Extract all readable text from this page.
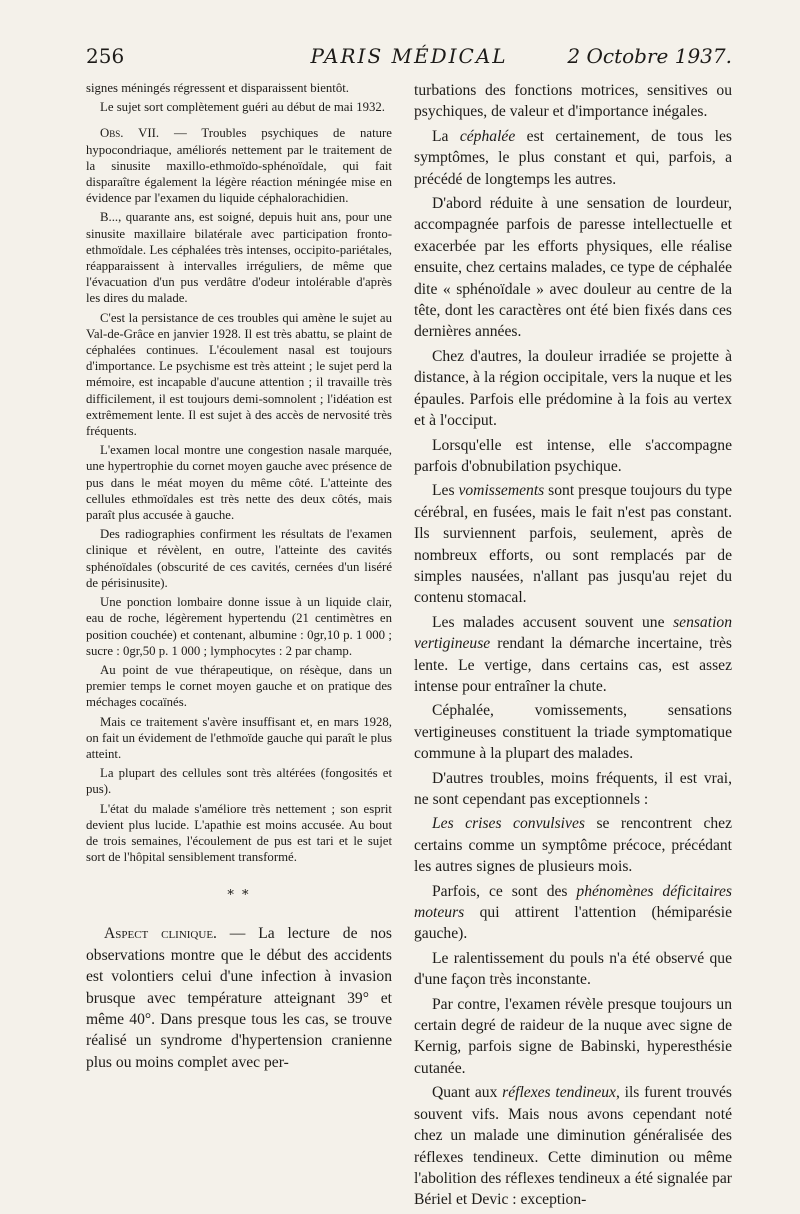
256	PARIS MÉDICAL	2 Octobre 1937.

signes méningés régressent et disparaissent bientôt.

Le sujet sort complètement guéri au début de mai 1932.

Obs. VII. — Troubles psychiques de nature hypocondriaque, améliorés nettement par le traitement de la sinusite maxillo-ethmoïdo-sphénoïdale, qui fait disparaître également la légère réaction méningée mise en évidence par l'examen du liquide céphalorachidien.

B..., quarante ans, est soigné, depuis huit ans, pour une sinusite maxillaire bilatérale avec participation fronto-ethmoïdale. Les céphalées très intenses, occipito-pariétales, réapparaissent à intervalles irréguliers, de même que l'évacuation d'un pus verdâtre d'odeur intolérable d'après les dires du malade.

C'est la persistance de ces troubles qui amène le sujet au Val-de-Grâce en janvier 1928. Il est très abattu, se plaint de céphalées continues. L'écoulement nasal est toujours d'importance. Le psychisme est très atteint ; le sujet perd la mémoire, est incapable d'aucune attention ; il travaille très difficilement, il est toujours demi-somnolent ; l'idéation est extrêmement lente. Il est sujet à des accès de nervosité très fréquents.

L'examen local montre une congestion nasale marquée, une hypertrophie du cornet moyen gauche avec présence de pus dans le méat moyen du même côté. L'atteinte des cellules ethmoïdales est très nette des deux côtés, mais paraît plus accusée à gauche.

Des radiographies confirment les résultats de l'examen clinique et révèlent, en outre, l'atteinte des cavités sphénoïdales (obscurité de ces cavités, cernées d'un liséré de périsinusite).

Une ponction lombaire donne issue à un liquide clair, eau de roche, légèrement hypertendu (21 centimètres en position couchée) et contenant, albumine : 0gr,10 p. 1 000 ; sucre : 0gr,50 p. 1 000 ; lymphocytes : 2 par champ.

Au point de vue thérapeutique, on résèque, dans un premier temps le cornet moyen gauche et on pratique des méchages cocaïnés.

Mais ce traitement s'avère insuffisant et, en mars 1928, on fait un évidement de l'ethmoïde gauche qui paraît le plus atteint.

La plupart des cellules sont très altérées (fongosités et pus).

L'état du malade s'améliore très nettement ; son esprit devient plus lucide. L'apathie est moins accusée. Au bout de trois semaines, l'écoulement de pus est tari et le sujet sort de l'hôpital sensiblement transformé.

* *

Aspect clinique. — La lecture de nos observations montre que le début des accidents est volontiers celui d'une infection à invasion brusque avec température atteignant 39° et même 40°. Dans presque tous les cas, se trouve réalisé un syndrome d'hypertension cranienne plus ou moins complet avec per-

turbations des fonctions motrices, sensitives ou psychiques, de valeur et d'importance inégales.

La céphalée est certainement, de tous les symptômes, le plus constant et qui, parfois, a précédé de longtemps les autres.

D'abord réduite à une sensation de lourdeur, accompagnée parfois de paresse intellectuelle et exacerbée par les efforts physiques, elle réalise ensuite, chez certains malades, ce type de céphalée dite « sphénoïdale » avec douleur au centre de la tête, dont les caractères ont été bien fixés dans ces dernières années.

Chez d'autres, la douleur irradiée se projette à distance, à la région occipitale, vers la nuque et les épaules. Parfois elle prédomine à la fois au vertex et à l'occiput.

Lorsqu'elle est intense, elle s'accompagne parfois d'obnubilation psychique.

Les vomissements sont presque toujours du type cérébral, en fusées, mais le fait n'est pas constant. Ils surviennent parfois, seulement, après de nombreux efforts, ou sont remplacés par de simples nausées, n'allant pas jusqu'au rejet du contenu stomacal.

Les malades accusent souvent une sensation vertigineuse rendant la démarche incertaine, très lente. Le vertige, dans certains cas, est assez intense pour entraîner la chute.

Céphalée, vomissements, sensations vertigineuses constituent la triade symptomatique commune à la plupart des malades.

D'autres troubles, moins fréquents, il est vrai, ne sont cependant pas exceptionnels :

Les crises convulsives se rencontrent chez certains comme un symptôme précoce, précédant les autres signes de plusieurs mois.

Parfois, ce sont des phénomènes déficitaires moteurs qui attirent l'attention (hémiparésie gauche).

Le ralentissement du pouls n'a été observé que d'une façon très inconstante.

Par contre, l'examen révèle presque toujours un certain degré de raideur de la nuque avec signe de Kernig, parfois signe de Babinski, hyperesthésie cutanée.

Quant aux réflexes tendineux, ils furent trouvés souvent vifs. Mais nous avons cependant noté chez un malade une diminution généralisée des réflexes tendineux. Cette diminution ou même l'abolition des réflexes tendineux a été signalée par Bériel et Devic : exception-
